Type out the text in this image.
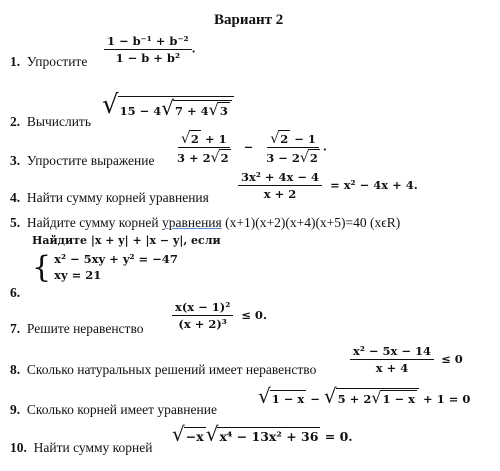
Вариант 2
1. Упростите $\frac{\text{1 − b⁻¹ + b⁻²}}{\text{1 − b + b²}}$ .
2. Вычислить
√ 15 − 4 √ 7 + 4 √ 3
3. Упростите выражение $\frac{√ 2 + 1}{3 + 2 √ 2} - \frac{√ 2 - 1}{3 - 2 √ 2}$ .
4. Найти сумму корней уравнения	$\frac{\text{3x² + 4x − 4}}{x + 2} = x^2 - 4x + 4$.
5. Найдите сумму корней уравнения (x+1)(x+2)(x+4)(x+5)=40 (xϵR)
Найдите |x + y| + |x − y|, если
{ x² − 5xy + y² = −47
xy = 21
6.
7. Решите неравенство $\frac{\text{x(x − 1)²}}{\text{(x + 2)³}} \le 0$.
8. Сколько натуральных решений имеет неравенство	$\frac{\text{x² − 5x − 14}}{x + 4} \le 0$
9. Сколько корней имеет уравнение
√ 1 − x − √ 5 + 2 √ 1 − x + 1 = 0
10. Найти сумму корней
√ −x √ x⁴ − 13x² + 36 = 0.
